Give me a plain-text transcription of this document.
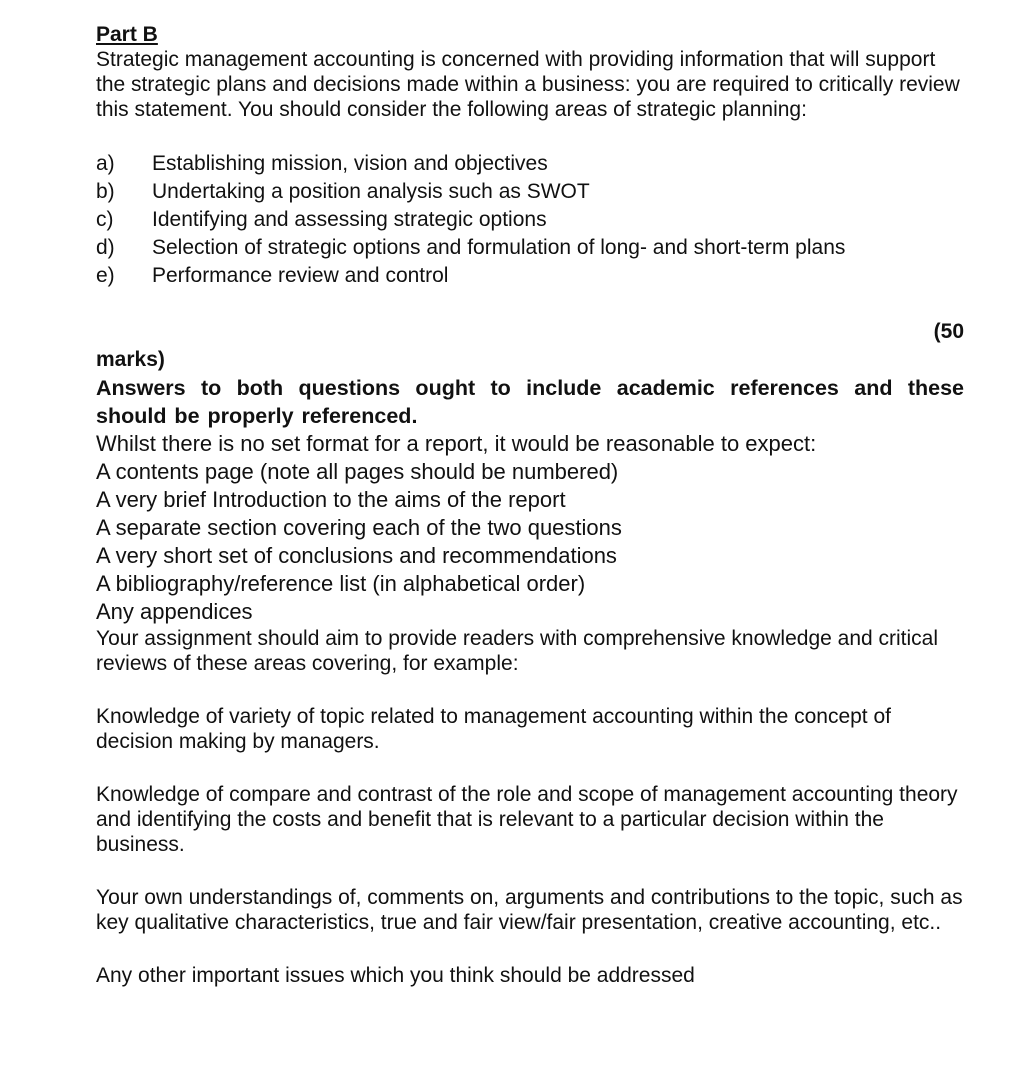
Part B

Strategic management accounting is concerned with providing information that will support the strategic plans and decisions made within a business: you are required to critically review this statement. You should consider the following areas of strategic planning:

a)	Establishing mission, vision and objectives
b)	Undertaking a position analysis such as SWOT
c)	Identifying and assessing strategic options
d)	Selection of strategic options and formulation of long- and short-term plans
e)	Performance review and control
(50
marks)

Answers to both questions ought to include academic references and these should be properly referenced.

Whilst there is no set format for a report, it would be reasonable to expect:

A contents page (note all pages should be numbered)

A very brief Introduction to the aims of the report

A separate section covering each of the two questions

A very short set of conclusions and recommendations

A bibliography/reference list (in alphabetical order)

Any appendices

Your assignment should aim to provide readers with comprehensive knowledge and critical reviews of these areas covering, for example:

Knowledge of variety of topic related to management accounting within the concept of decision making by managers.

Knowledge of compare and contrast of the role and scope of management accounting theory and identifying the costs and benefit that is relevant to a particular decision within the business.

Your own understandings of, comments on, arguments and contributions to the topic, such as key qualitative characteristics, true and fair view/fair presentation, creative accounting, etc..

Any other important issues which you think should be addressed
